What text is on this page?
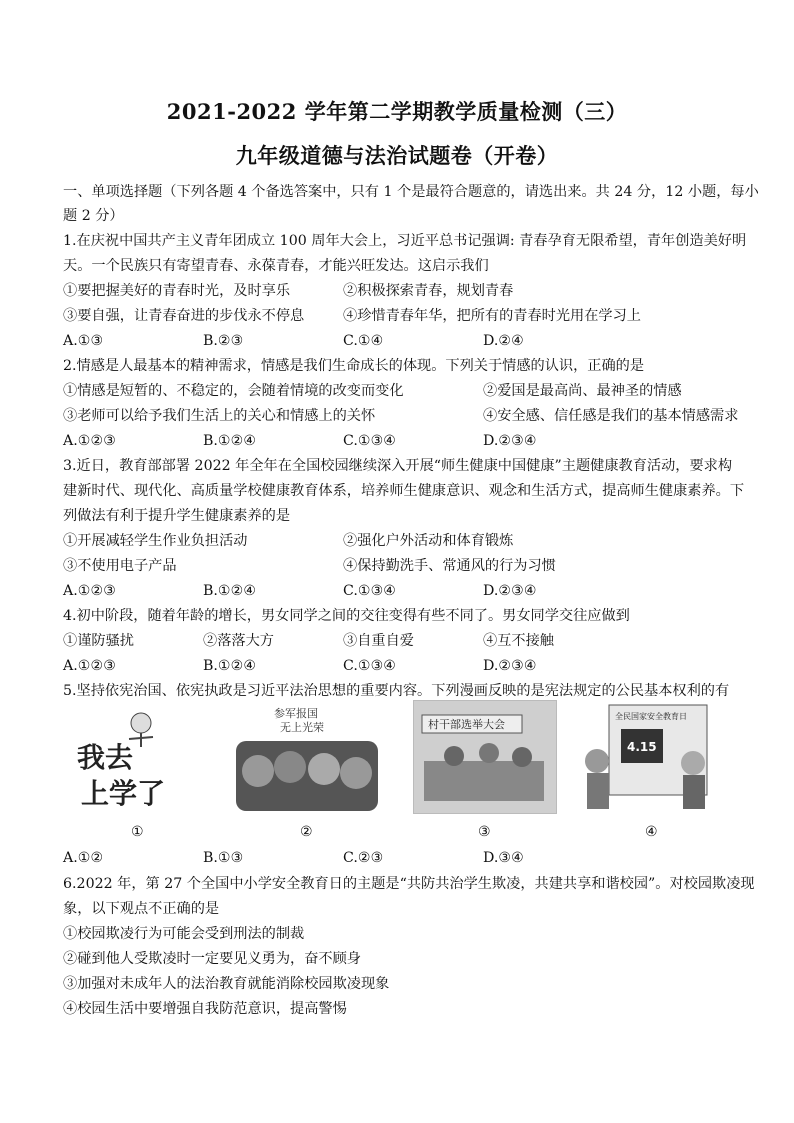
2021-2022 学年第二学期教学质量检测（三）
九年级道德与法治试题卷（开卷）
一、单项选择题（下列各题 4 个备选答案中，只有 1 个是最符合题意的，请选出来。共 24 分，12 小题，每小
题 2 分）
1.在庆祝中国共产主义青年团成立 100 周年大会上，习近平总书记强调: 青春孕育无限希望，青年创造美好明
天。一个民族只有寄望青春、永葆青春，才能兴旺发达。这启示我们
①要把握美好的青春时光，及时享乐	②积极探索青春，规划青春
③要自强，让青春奋进的步伐永不停息	④珍惜青春年华，把所有的青春时光用在学习上
A.①③	B.②③	C.①④	D.②④
2.情感是人最基本的精神需求，情感是我们生命成长的体现。下列关于情感的认识，正确的是
①情感是短暂的、不稳定的，会随着情境的改变而变化	②爱国是最高尚、最神圣的情感
③老师可以给予我们生活上的关心和情感上的关怀	④安全感、信任感是我们的基本情感需求
A.①②③	B.①②④	C.①③④	D.②③④
3.近日，教育部部署 2022 年全年在全国校园继续深入开展“师生健康中国健康”主题健康教育活动，要求构
建新时代、现代化、高质量学校健康教育体系，培养师生健康意识、观念和生活方式，提高师生健康素养。下
列做法有利于提升学生健康素养的是
①开展减轻学生作业负担活动	②强化户外活动和体育锻炼
③不使用电子产品	④保持勤洗手、常通风的行为习惯
A.①②③	B.①②④	C.①③④	D.②③④
4.初中阶段，随着年龄的增长，男女同学之间的交往变得有些不同了。男女同学交往应做到
①谨防骚扰	②落落大方	③自重自爱	④互不接触
A.①②③	B.①②④	C.①③④	D.②③④
5.坚持依宪治国、依宪执政是习近平法治思想的重要内容。下列漫画反映的是宪法规定的公民基本权利的有
我去
上学了
参军报国
无上光荣	村干部选举大会
全民国家安全教育日
4.15
①	②	③	④
A.①②	B.①③	C.②③	D.③④
6.2022 年，第 27 个全国中小学安全教育日的主题是“共防共治学生欺凌，共建共享和谐校园”。对校园欺凌现
象，以下观点不正确的是
①校园欺凌行为可能会受到刑法的制裁
②碰到他人受欺凌时一定要见义勇为，奋不顾身
③加强对未成年人的法治教育就能消除校园欺凌现象
④校园生活中要增强自我防范意识，提高警惕
